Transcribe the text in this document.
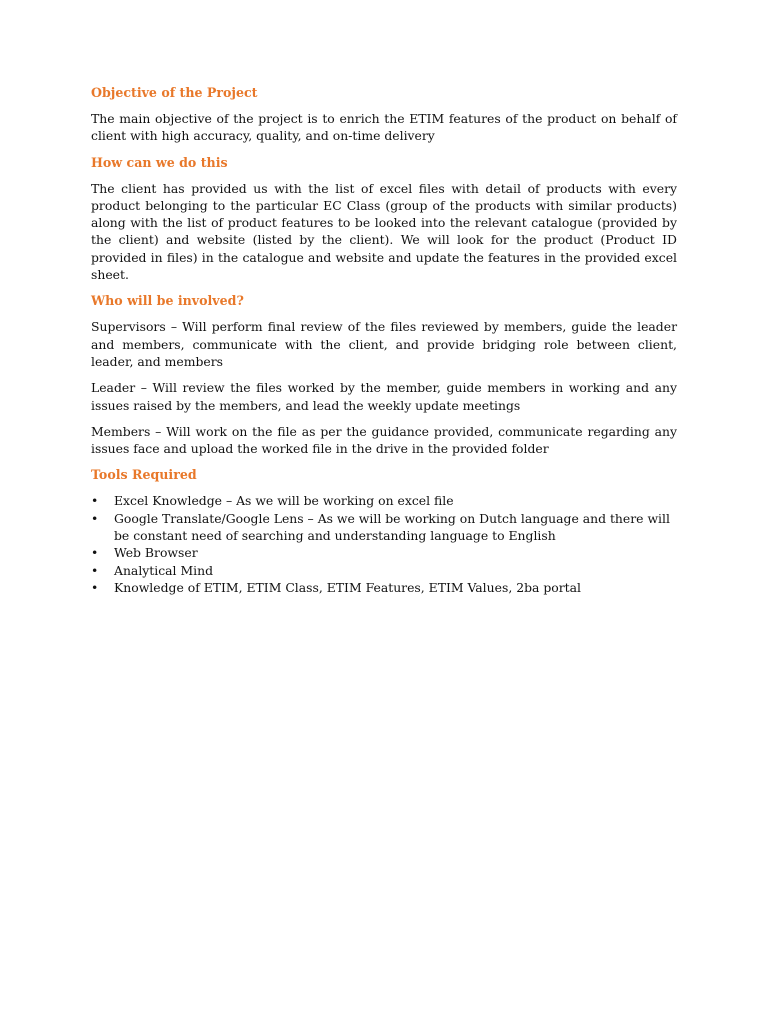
Objective of the Project

The main objective of the project is to enrich the ETIM features of the product on behalf of client with high accuracy, quality, and on-time delivery

How can we do this

The client has provided us with the list of excel files with detail of products with every product belonging to the particular EC Class (group of the products with similar products) along with the list of product features to be looked into the relevant catalogue (provided by the client) and website (listed by the client). We will look for the product (Product ID provided in files) in the catalogue and website and update the features in the provided excel sheet.

Who will be involved?

Supervisors – Will perform final review of the files reviewed by members, guide the leader and members, communicate with the client, and provide bridging role between client, leader, and members

Leader – Will review the files worked by the member, guide members in working and any issues raised by the members, and lead the weekly update meetings

Members – Will work on the file as per the guidance provided, communicate regarding any issues face and upload the worked file in the drive in the provided folder

Tools Required
•	Excel Knowledge – As we will be working on excel file
•	Google Translate/Google Lens – As we will be working on Dutch language and there will be constant need of searching and understanding language to English
•	Web Browser
•	Analytical Mind
•	Knowledge of ETIM, ETIM Class, ETIM Features, ETIM Values, 2ba portal
